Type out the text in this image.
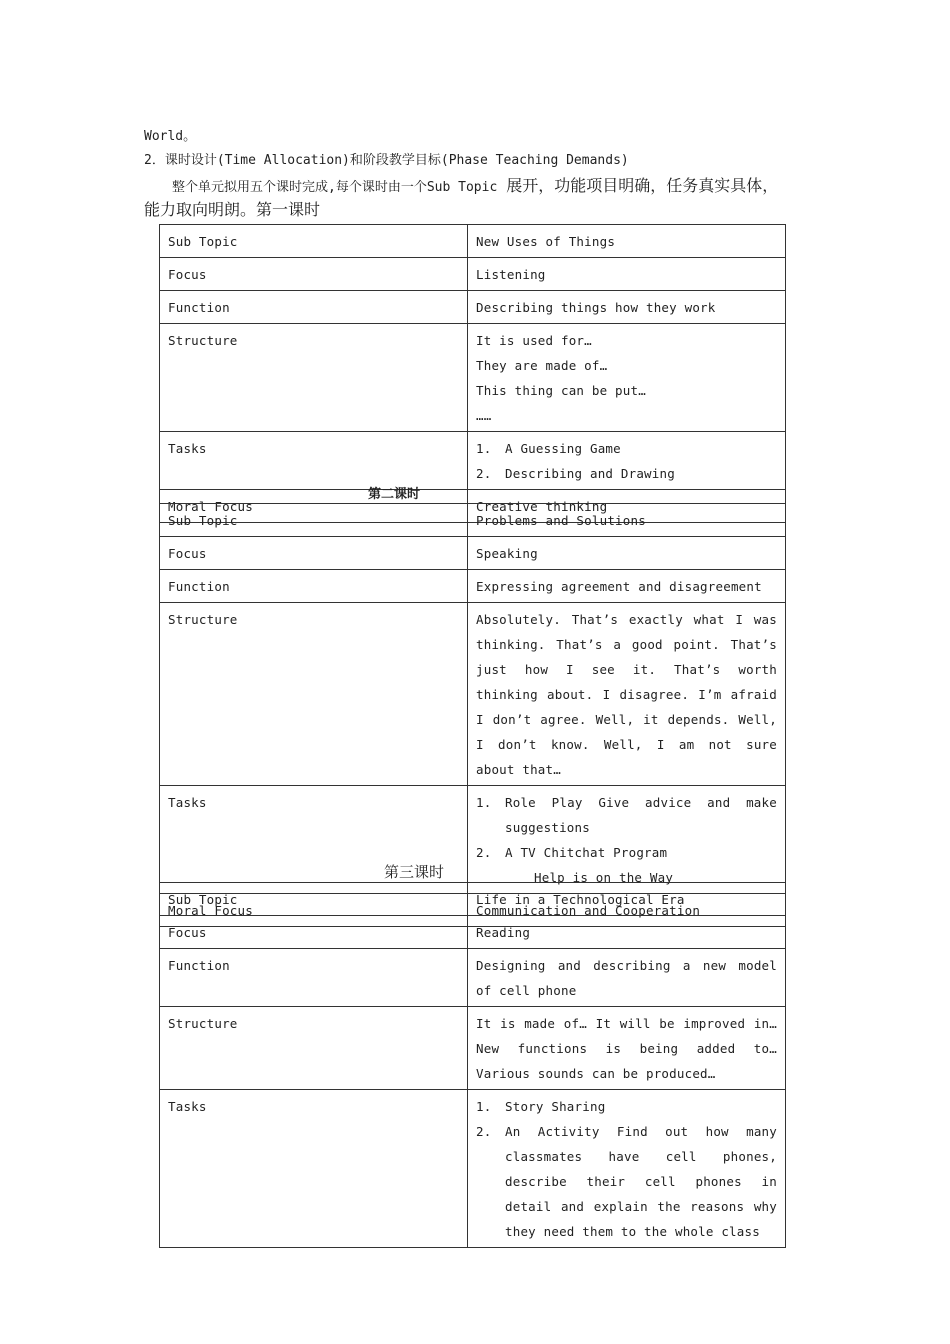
World。
2．课时设计(Time Allocation)和阶段教学目标(Phase Teaching Demands)
整个单元拟用五个课时完成,每个课时由一个Sub Topic 展开，功能项目明确，任务真实具体，
能力取向明朗。第一课时
Sub Topic	New Uses of Things
Focus	Listening
Function	Describing things how they work
Structure	It is used for…
They are made of…
This thing can be put…
……

Tasks	1. A Guessing Game
2. Describing and Drawing

Moral Focus	Creative thinking
第二课时
Sub Topic	Problems and Solutions
Focus	Speaking
Function	Expressing agreement and disagreement
Structure	Absolutely. That’s exactly what I was thinking. That’s a good point. That’s just how I see it. That’s worth thinking about. I disagree. I’m afraid I don’t agree. Well, it depends. Well, I don’t know. Well, I am not sure about that…
Tasks	1. Role Play Give advice and make suggestions
2. A TV Chitchat Program
Help is on the Way

Moral Focus	Communication and Cooperation
第三课时
Sub Topic	Life in a Technological Era
Focus	Reading
Function	Designing and describing a new model of cell phone
Structure	It is made of… It will be improved in… New functions is being added to…Various sounds can be produced…
Tasks	1. Story Sharing
2. An Activity Find out how many classmates have cell phones, describe their cell phones in detail and explain the reasons why they need them to the whole class
